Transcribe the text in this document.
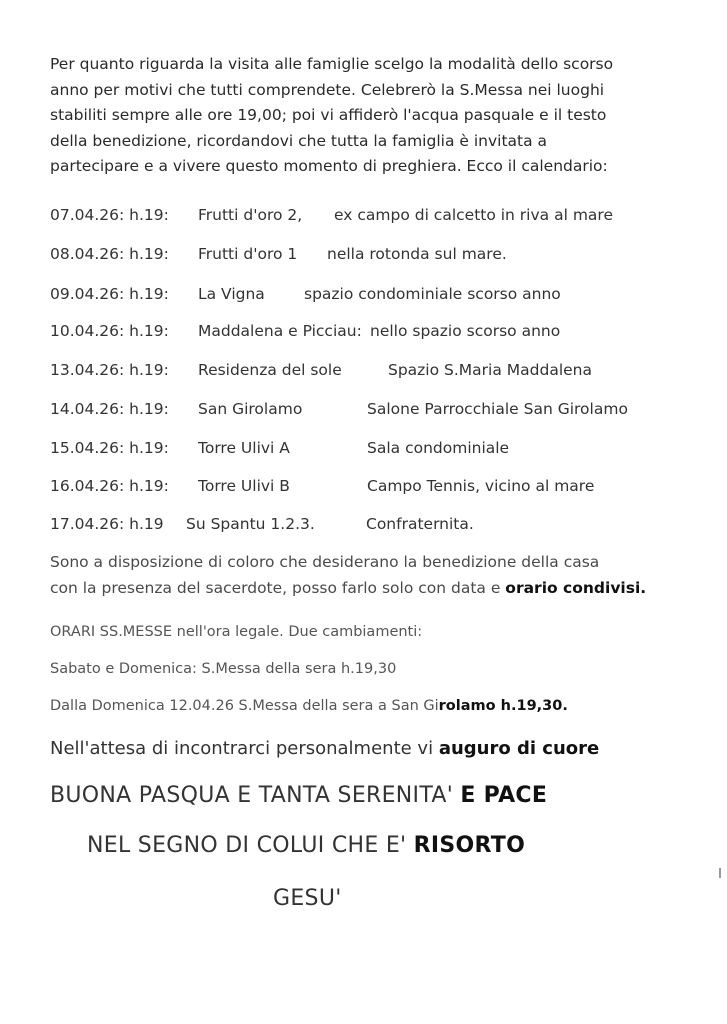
Per quanto riguarda la visita alle famiglie scelgo la modalità dello scorso

anno per motivi che tutti comprendete. Celebrerò la S.Messa nei luoghi

stabiliti sempre alle ore 19,00; poi vi affiderò l'acqua pasquale e il testo

della benedizione, ricordandovi che tutta la famiglia è invitata a

partecipare e a vivere questo momento di preghiera. Ecco il calendario:

07.04.26: h.19: Frutti d'oro 2, ex campo di calcetto in riva al mare
08.04.26: h.19: Frutti d'oro 1 nella rotonda sul mare.
09.04.26: h.19: La Vigna	spazio condominiale scorso anno
10.04.26: h.19: Maddalena e Picciau: nello spazio scorso anno
13.04.26: h.19: Residenza del sole	Spazio S.Maria Maddalena
14.04.26: h.19: San Girolamo	Salone Parrocchiale San Girolamo
15.04.26: h.19: Torre Ulivi A	Sala condominiale
16.04.26: h.19: Torre Ulivi B	Campo Tennis, vicino al mare
17.04.26: h.19 Su Spantu 1.2.3.	Confraternita.
Sono a disposizione di coloro che desiderano la benedizione della casa
con la presenza del sacerdote, posso farlo solo con data e orario condivisi.
ORARI SS.MESSE nell'ora legale. Due cambiamenti:
Sabato e Domenica: S.Messa della sera h.19,30
Dalla Domenica 12.04.26 S.Messa della sera a San Girolamo h.19,30.
Nell'attesa di incontrarci personalmente vi auguro di cuore
BUONA PASQUA E TANTA SERENITA' E PACE
NEL SEGNO DI COLUI CHE E' RISORTO
GESU'
